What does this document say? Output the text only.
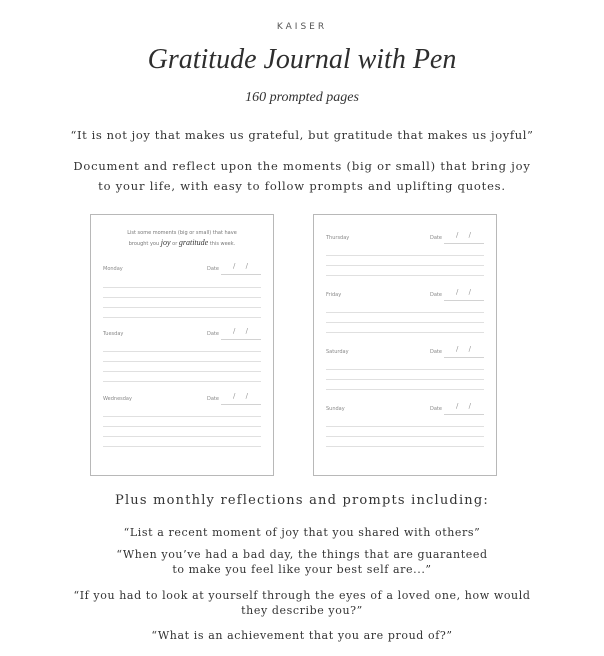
KAISER
Gratitude Journal with Pen
160 prompted pages
“It is not joy that makes us grateful, but gratitude that makes us joyful”
Document and reflect upon the moments (big or small) that bring joy
to your life, with easy to follow prompts and uplifting quotes.
List some moments (big or small) that have
brought you joy or gratitude this week.
Monday	Date / /
Tuesday	Date / /
Wednesday	Date / /
Thursday	Date / /
Friday	Date / /
Saturday	Date / /
Sunday	Date / /
Plus monthly reflections and prompts including:
“List a recent moment of joy that you shared with others”
“When you’ve had a bad day, the things that are guaranteed
to make you feel like your best self are...”
“If you had to look at yourself through the eyes of a loved one, how would
they describe you?”
“What is an achievement that you are proud of?”
